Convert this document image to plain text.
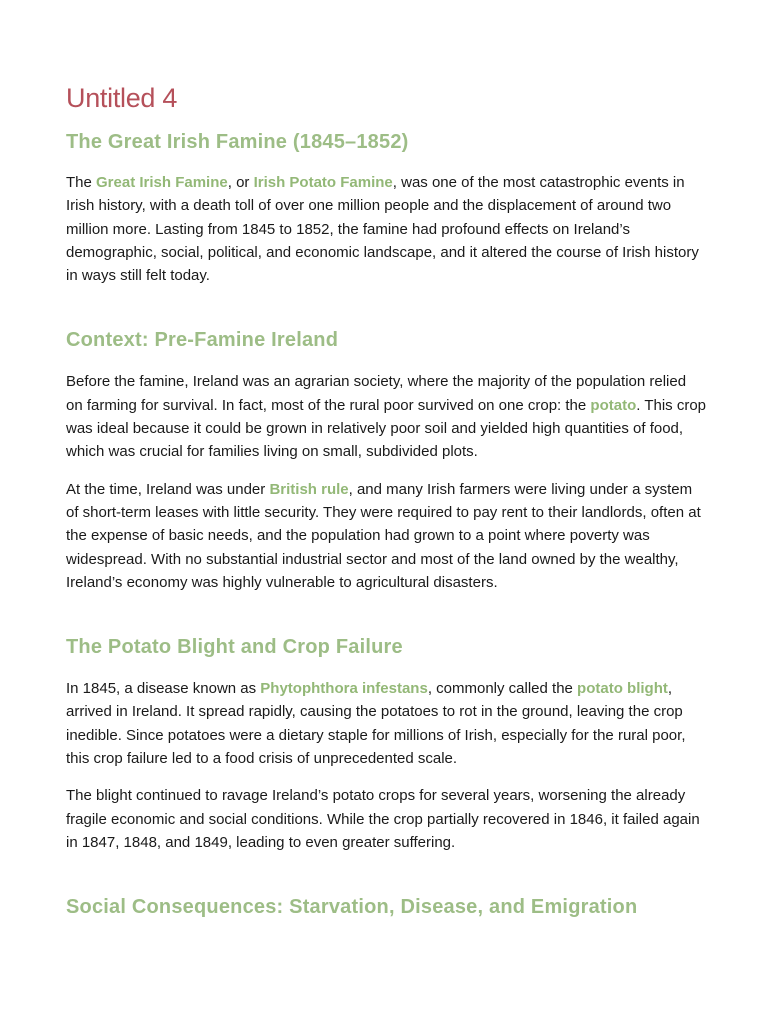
Untitled 4
The Great Irish Famine (1845–1852)

The Great Irish Famine, or Irish Potato Famine, was one of the most catastrophic events in Irish history, with a death toll of over one million people and the displacement of around two million more. Lasting from 1845 to 1852, the famine had profound effects on Ireland’s demographic, social, political, and economic landscape, and it altered the course of Irish history in ways still felt today.

Context: Pre-Famine Ireland

Before the famine, Ireland was an agrarian society, where the majority of the population relied on farming for survival. In fact, most of the rural poor survived on one crop: the potato. This crop was ideal because it could be grown in relatively poor soil and yielded high quantities of food, which was crucial for families living on small, subdivided plots.

At the time, Ireland was under British rule, and many Irish farmers were living under a system of short-term leases with little security. They were required to pay rent to their landlords, often at the expense of basic needs, and the population had grown to a point where poverty was widespread. With no substantial industrial sector and most of the land owned by the wealthy, Ireland’s economy was highly vulnerable to agricultural disasters.

The Potato Blight and Crop Failure

In 1845, a disease known as Phytophthora infestans, commonly called the potato blight, arrived in Ireland. It spread rapidly, causing the potatoes to rot in the ground, leaving the crop inedible. Since potatoes were a dietary staple for millions of Irish, especially for the rural poor, this crop failure led to a food crisis of unprecedented scale.

The blight continued to ravage Ireland’s potato crops for several years, worsening the already fragile economic and social conditions. While the crop partially recovered in 1846, it failed again in 1847, 1848, and 1849, leading to even greater suffering.

Social Consequences: Starvation, Disease, and Emigration
